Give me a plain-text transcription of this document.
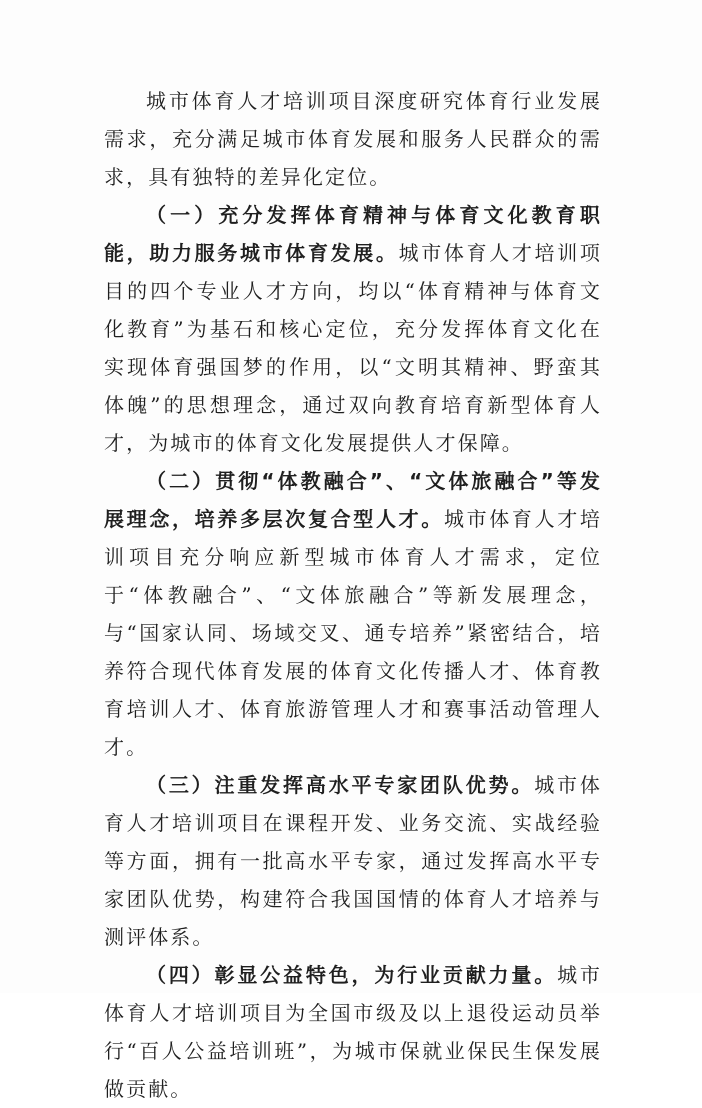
城市体育人才培训项目深度研究体育行业发展需求，充分满足城市体育发展和服务人民群众的需求，具有独特的差异化定位。

（一）充分发挥体育精神与体育文化教育职能，助力服务城市体育发展。城市体育人才培训项目的四个专业人才方向，均以“体育精神与体育文化教育”为基石和核心定位，充分发挥体育文化在实现体育强国梦的作用，以“文明其精神、野蛮其体魄”的思想理念，通过双向教育培育新型体育人才，为城市的体育文化发展提供人才保障。

（二）贯彻“体教融合”、“文体旅融合”等发展理念，培养多层次复合型人才。城市体育人才培训项目充分响应新型城市体育人才需求，定位于“体教融合”、“文体旅融合”等新发展理念，与“国家认同、场域交叉、通专培养”紧密结合，培养符合现代体育发展的体育文化传播人才、体育教育培训人才、体育旅游管理人才和赛事活动管理人才。

（三）注重发挥高水平专家团队优势。城市体育人才培训项目在课程开发、业务交流、实战经验等方面，拥有一批高水平专家，通过发挥高水平专家团队优势，构建符合我国国情的体育人才培养与测评体系。

（四）彰显公益特色，为行业贡献力量。城市体育人才培训项目为全国市级及以上退役运动员举行“百人公益培训班”，为城市保就业保民生保发展做贡献。
